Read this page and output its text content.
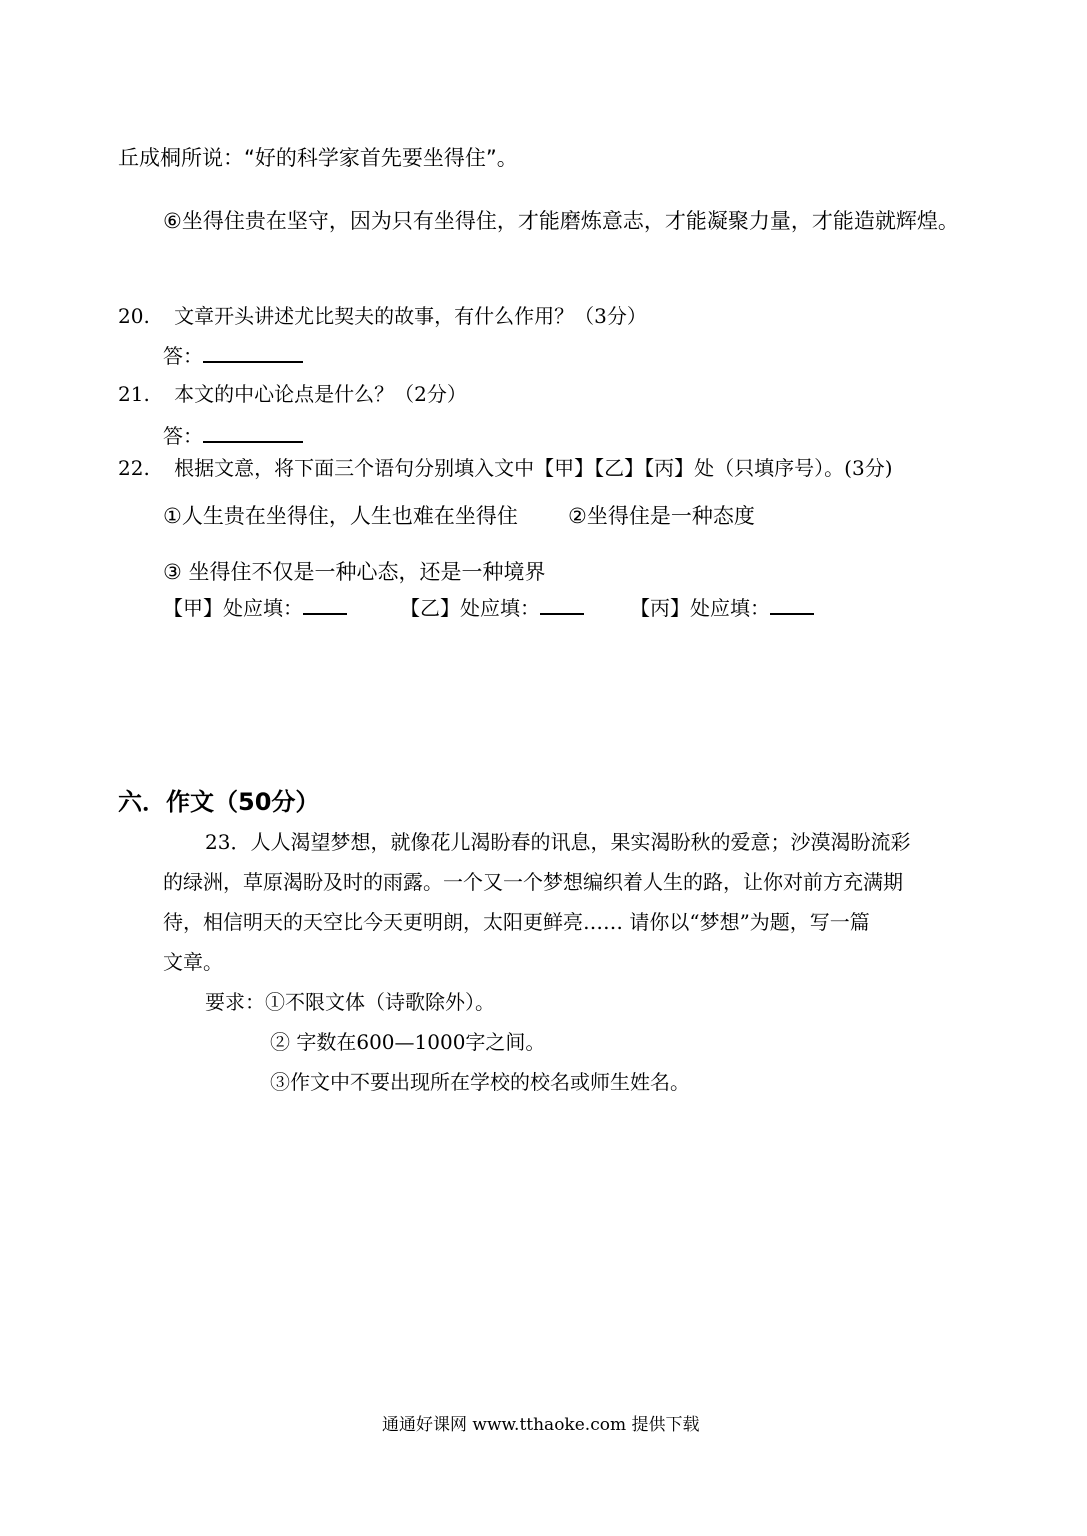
丘成桐所说：“好的科学家首先要坐得住”。
⑥坐得住贵在坚守，因为只有坐得住，才能磨炼意志，才能凝聚力量，才能造就辉煌。
20. 文章开头讲述尤比契夫的故事，有什么作用？（3分）
答：
21. 本文的中心论点是什么？（2分）
答：
22. 根据文意，将下面三个语句分别填入文中【甲】【乙】【丙】处（只填序号）。(3分)
①人生贵在坐得住，人生也难在坐得住 ②坐得住是一种态度
③ 坐得住不仅是一种心态，还是一种境界
【甲】处应填：	【乙】处应填：	【丙】处应填：
六．作文（50分）
23．人人渴望梦想，就像花儿渴盼春的讯息，果实渴盼秋的爱意；沙漠渴盼流彩
的绿洲，草原渴盼及时的雨露。一个又一个梦想编织着人生的路，让你对前方充满期
待，相信明天的天空比今天更明朗，太阳更鲜亮…… 请你以“梦想”为题，写一篇
文章。
要求：①不限文体（诗歌除外）。
② 字数在600—1000字之间。
③作文中不要出现所在学校的校名或师生姓名。
通通好课网 www.tthaoke.com 提供下载
